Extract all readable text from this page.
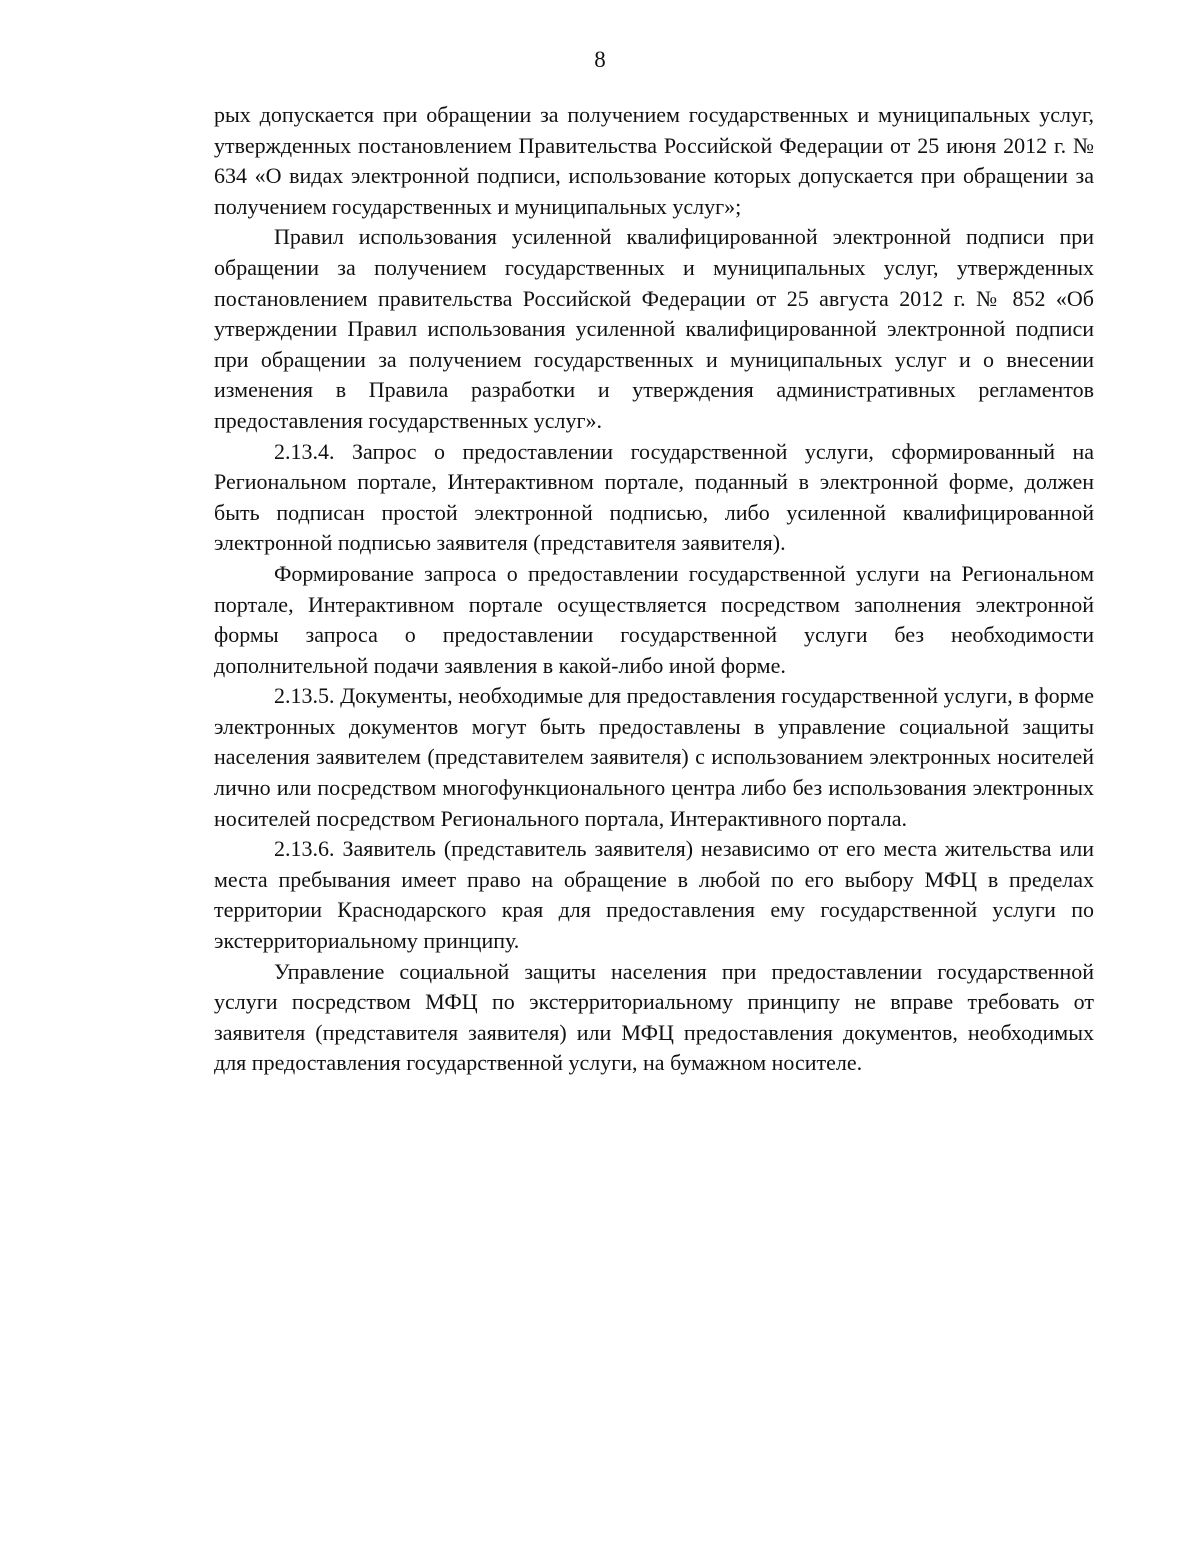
8

рых допускается при обращении за получением государственных и муниципальных услуг, утвержденных постановлением Правительства Российской Федерации от 25 июня 2012 г. № 634 «О видах электронной подписи, использование которых допускается при обращении за получением государственных и муниципальных услуг»;

Правил использования усиленной квалифицированной электронной подписи при обращении за получением государственных и муниципальных услуг, утвержденных постановлением правительства Российской Федерации от 25 августа 2012 г. № 852 «Об утверждении Правил использования усиленной квалифицированной электронной подписи при обращении за получением государственных и муниципальных услуг и о внесении изменения в Правила разработки и утверждения административных регламентов предоставления государственных услуг».

2.13.4. Запрос о предоставлении государственной услуги, сформированный на Региональном портале, Интерактивном портале, поданный в электронной форме, должен быть подписан простой электронной подписью, либо усиленной квалифицированной электронной подписью заявителя (представителя заявителя).

Формирование запроса о предоставлении государственной услуги на Региональном портале, Интерактивном портале осуществляется посредством заполнения электронной формы запроса о предоставлении государственной услуги без необходимости дополнительной подачи заявления в какой-либо иной форме.

2.13.5. Документы, необходимые для предоставления государственной услуги, в форме электронных документов могут быть предоставлены в управление социальной защиты населения заявителем (представителем заявителя) с использованием электронных носителей лично или посредством многофункционального центра либо без использования электронных носителей посредством Регионального портала, Интерактивного портала.

2.13.6. Заявитель (представитель заявителя) независимо от его места жительства или места пребывания имеет право на обращение в любой по его выбору МФЦ в пределах территории Краснодарского края для предоставления ему государственной услуги по экстерриториальному принципу.

Управление социальной защиты населения при предоставлении государственной услуги посредством МФЦ по экстерриториальному принципу не вправе требовать от заявителя (представителя заявителя) или МФЦ предоставления документов, необходимых для предоставления государственной услуги, на бумажном носителе.
